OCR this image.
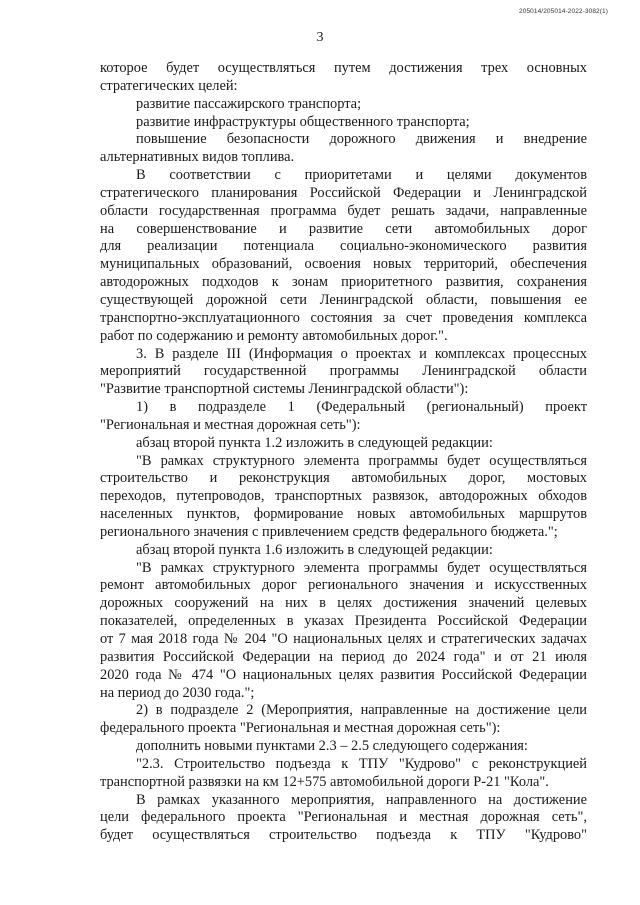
205014/205014-2022-3082(1)
3
которое будет осуществляться путем достижения трех основных
стратегических целей:
развитие пассажирского транспорта;
развитие инфраструктуры общественного транспорта;
повышение безопасности дорожного движения и внедрение
альтернативных видов топлива.
В соответствии с приоритетами и целями документов
стратегического планирования Российской Федерации и Ленинградской
области государственная программа будет решать задачи, направленные
на совершенствование и развитие сети автомобильных дорог
для реализации потенциала социально-экономического развития
муниципальных образований, освоения новых территорий, обеспечения
автодорожных подходов к зонам приоритетного развития, сохранения
существующей дорожной сети Ленинградской области, повышения ее
транспортно-эксплуатационного состояния за счет проведения комплекса
работ по содержанию и ремонту автомобильных дорог.".
3. В разделе III (Информация о проектах и комплексах процессных
мероприятий государственной программы Ленинградской области
"Развитие транспортной системы Ленинградской области"):
1) в подразделе 1 (Федеральный (региональный) проект
"Региональная и местная дорожная сеть"):
абзац второй пункта 1.2 изложить в следующей редакции:
"В рамках структурного элемента программы будет осуществляться
строительство и реконструкция автомобильных дорог, мостовых
переходов, путепроводов, транспортных развязок, автодорожных обходов
населенных пунктов, формирование новых автомобильных маршрутов
регионального значения с привлечением средств федерального бюджета.";
абзац второй пункта 1.6 изложить в следующей редакции:
"В рамках структурного элемента программы будет осуществляться
ремонт автомобильных дорог регионального значения и искусственных
дорожных сооружений на них в целях достижения значений целевых
показателей, определенных в указах Президента Российской Федерации
от 7 мая 2018 года № 204 "О национальных целях и стратегических задачах
развития Российской Федерации на период до 2024 года" и от 21 июля
2020 года № 474 "О национальных целях развития Российской Федерации
на период до 2030 года.";
2) в подразделе 2 (Мероприятия, направленные на достижение цели
федерального проекта "Региональная и местная дорожная сеть"):
дополнить новыми пунктами 2.3 – 2.5 следующего содержания:
"2.3. Строительство подъезда к ТПУ "Кудрово" с реконструкцией
транспортной развязки на км 12+575 автомобильной дороги Р-21 "Кола".
В рамках указанного мероприятия, направленного на достижение
цели федерального проекта "Региональная и местная дорожная сеть",
будет осуществляться строительство подъезда к ТПУ "Кудрово"
